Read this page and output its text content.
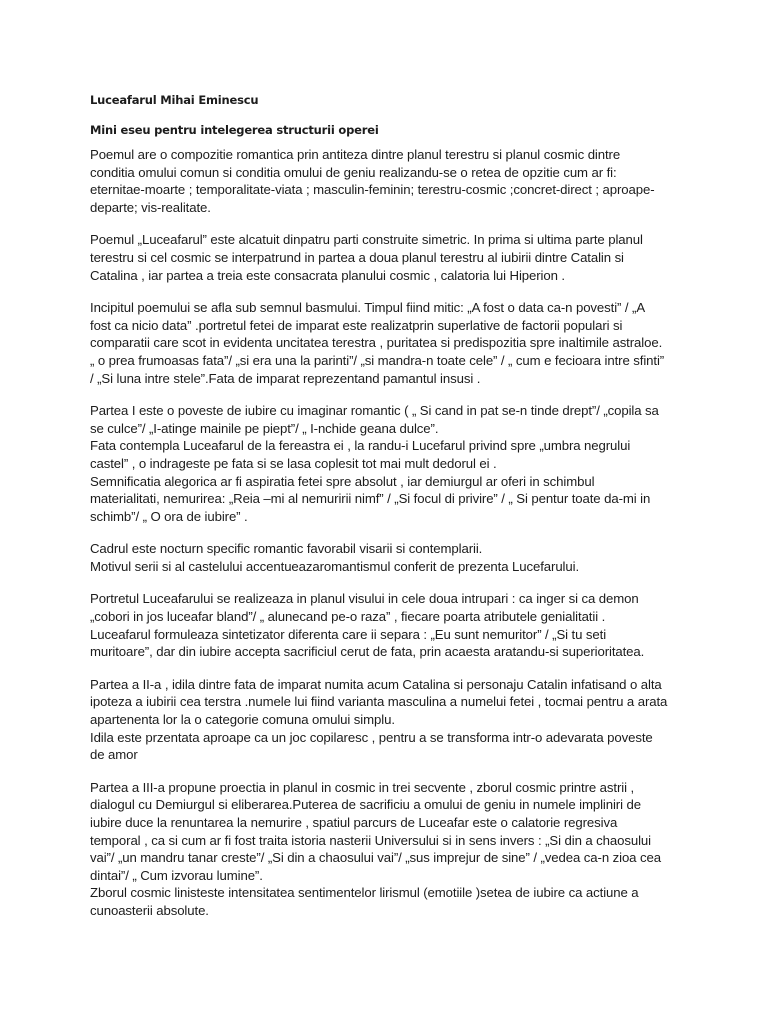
Luceafarul Mihai Eminescu
Mini eseu pentru intelegerea structurii operei

Poemul are o compozitie romantica prin antiteza dintre planul terestru si planul cosmic dintre
conditia omului comun si conditia omului de geniu realizandu-se o retea de opzitie cum ar fi:
eternitae-moarte ; temporalitate-viata ; masculin-feminin; terestru-cosmic ;concret-direct ; aproape-
departe; vis-realitate.

Poemul „Luceafarul” este alcatuit dinpatru parti construite simetric. In prima si ultima parte planul
terestru si cel cosmic se interpatrund in partea a doua planul terestru al iubirii dintre Catalin si
Catalina , iar partea a treia este consacrata planului cosmic , calatoria lui Hiperion .

Incipitul poemului se afla sub semnul basmului. Timpul fiind mitic: „A fost o data ca-n povesti” / „A
fost ca nicio data” .portretul fetei de imparat este realizatprin superlative de factorii populari si
comparatii care scot in evidenta uncitatea terestra , puritatea si predispozitia spre inaltimile astraloe.
„ o prea frumoasas fata”/ „si era una la parinti”/ „si mandra-n toate cele” / „ cum e fecioara intre sfinti”
/ „Si luna intre stele”.Fata de imparat reprezentand pamantul insusi .

Partea I este o poveste de iubire cu imaginar romantic ( „ Si cand in pat se-n tinde drept”/ „copila sa
se culce”/ „I-atinge mainile pe piept”/ „ I-nchide geana dulce”.
Fata contempla Luceafarul de la fereastra ei , la randu-i Lucefarul privind spre „umbra negrului
castel” , o indrageste pe fata si se lasa coplesit tot mai mult dedorul ei .
Semnificatia alegorica ar fi aspiratia fetei spre absolut , iar demiurgul ar oferi in schimbul
materialitati, nemurirea: „Reia –mi al nemuririi nimf” / „Si focul di privire” / „ Si pentur toate da-mi in
schimb”/ „ O ora de iubire” .

Cadrul este nocturn specific romantic favorabil visarii si contemplarii.
Motivul serii si al castelului accentueazaromantismul conferit de prezenta Lucefarului.

Portretul Luceafarului se realizeaza in planul visului in cele doua intrupari : ca inger si ca demon
„cobori in jos luceafar bland”/ „ alunecand pe-o raza” , fiecare poarta atributele genialitatii .
Luceafarul formuleaza sintetizator diferenta care ii separa : „Eu sunt nemuritor” / „Si tu seti
muritoare”, dar din iubire accepta sacrificiul cerut de fata, prin acaesta aratandu-si superioritatea.

Partea a II-a , idila dintre fata de imparat numita acum Catalina si personaju Catalin infatisand o alta
ipoteza a iubirii cea terstra .numele lui fiind varianta masculina a numelui fetei , tocmai pentru a arata
apartenenta lor la o categorie comuna omului simplu.
Idila este przentata aproape ca un joc copilaresc , pentru a se transforma intr-o adevarata poveste
de amor

Partea a III-a propune proectia in planul in cosmic in trei secvente , zborul cosmic printre astrii ,
dialogul cu Demiurgul si eliberarea.Puterea de sacrificiu a omului de geniu in numele impliniri de
iubire duce la renuntarea la nemurire , spatiul parcurs de Luceafar este o calatorie regresiva
temporal , ca si cum ar fi fost traita istoria nasterii Universului si in sens invers : „Si din a chaosului
vai”/ „un mandru tanar creste”/ „Si din a chaosului vai”/ „sus imprejur de sine” / „vedea ca-n zioa cea
dintai”/ „ Cum izvorau lumine”.
Zborul cosmic linisteste intensitatea sentimentelor lirismul (emotiile )setea de iubire ca actiune a
cunoasterii absolute.
